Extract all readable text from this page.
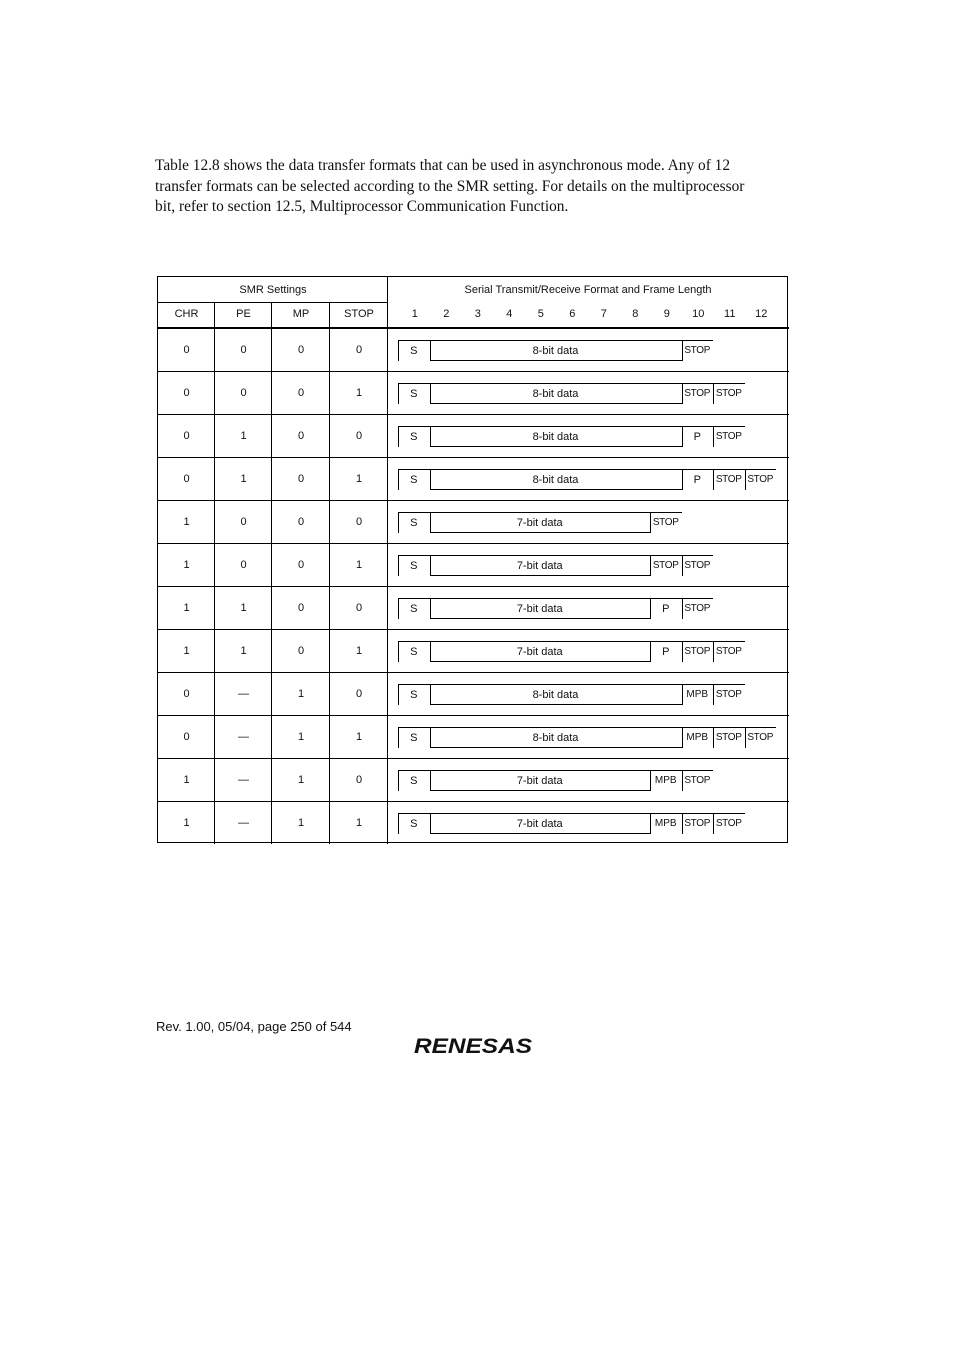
Table 12.8 shows the data transfer formats that can be used in asynchronous mode. Any of 12

transfer formats can be selected according to the SMR setting. For details on the multiprocessor

bit, refer to section 12.5, Multiprocessor Communication Function.

SMR Settings	Serial Transmit/Receive Format and Frame Length
CHR	PE	MP	STOP	1	2	3	4	5	6	7	8	9	10	11	12
0	0	0	0	S	8-bit data	STOP
0	0	0	1	S	8-bit data	STOP STOP
0	1	0	0	S	8-bit data	P	STOP
0	1	0	1	S	8-bit data	P	STOP STOP
1	0	0	0	S	7-bit data	STOP
1	0	0	1	S	7-bit data	STOP STOP
1	1	0	0	S	7-bit data	P	STOP
1	1	0	1	S	7-bit data	P	STOP STOP
0	—	1	0	S	8-bit data	MPB STOP
0	—	1	1	S	8-bit data	MPB STOP STOP
1	—	1	0	S	7-bit data	MPB STOP
1	—	1	1	S	7-bit data	MPB STOP STOP
Rev. 1.00, 05/04, page 250 of 544
RENESAS
